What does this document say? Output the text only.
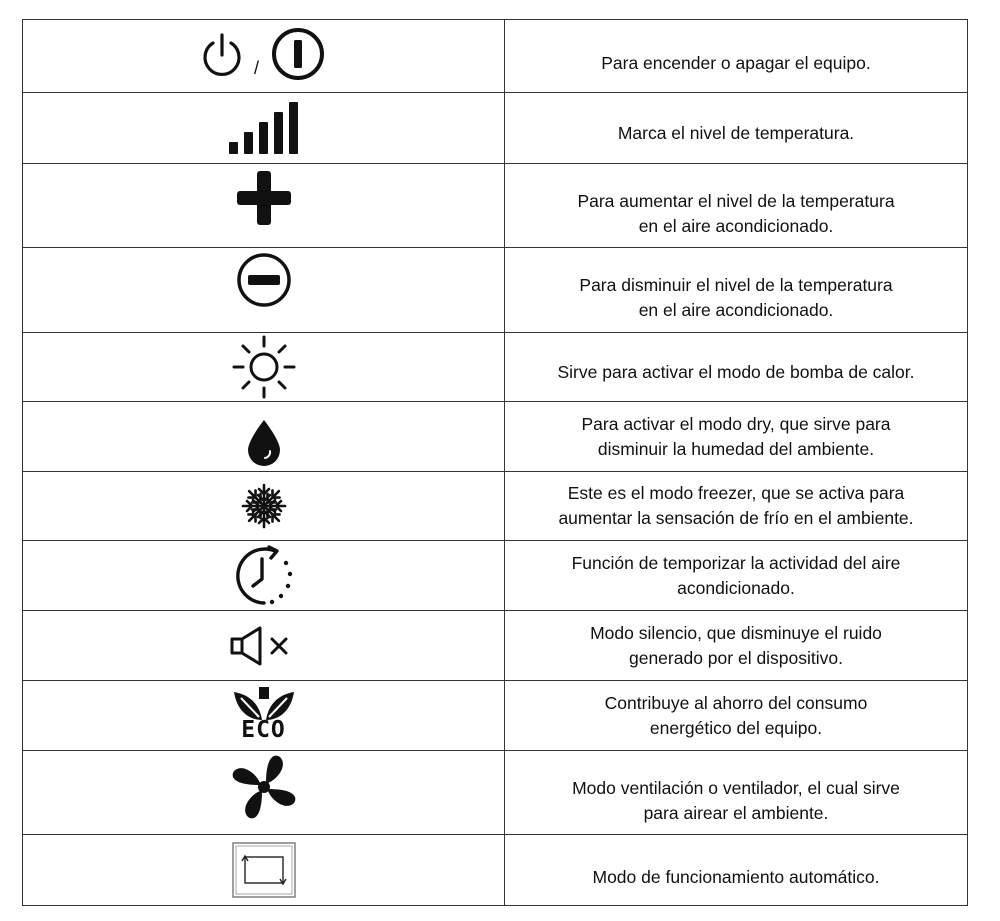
/	Para encender o apagar el equipo.

Marca el nivel de temperatura.

Para aumentar el nivel de la temperatura
en el aire acondicionado.

Para disminuir el nivel de la temperatura
en el aire acondicionado.

Sirve para activar el modo de bomba de calor.

Para activar el modo dry, que sirve para
disminuir la humedad del ambiente.

Este es el modo freezer, que se activa para
aumentar la sensación de frío en el ambiente.

Función de temporizar la actividad del aire
acondicionado.

Modo silencio, que disminuye el ruido
generado por el dispositivo.

ECO	Contribuye al ahorro del consumo
energético del equipo.

Modo ventilación o ventilador, el cual sirve
para airear el ambiente.

Modo de funcionamiento automático.
